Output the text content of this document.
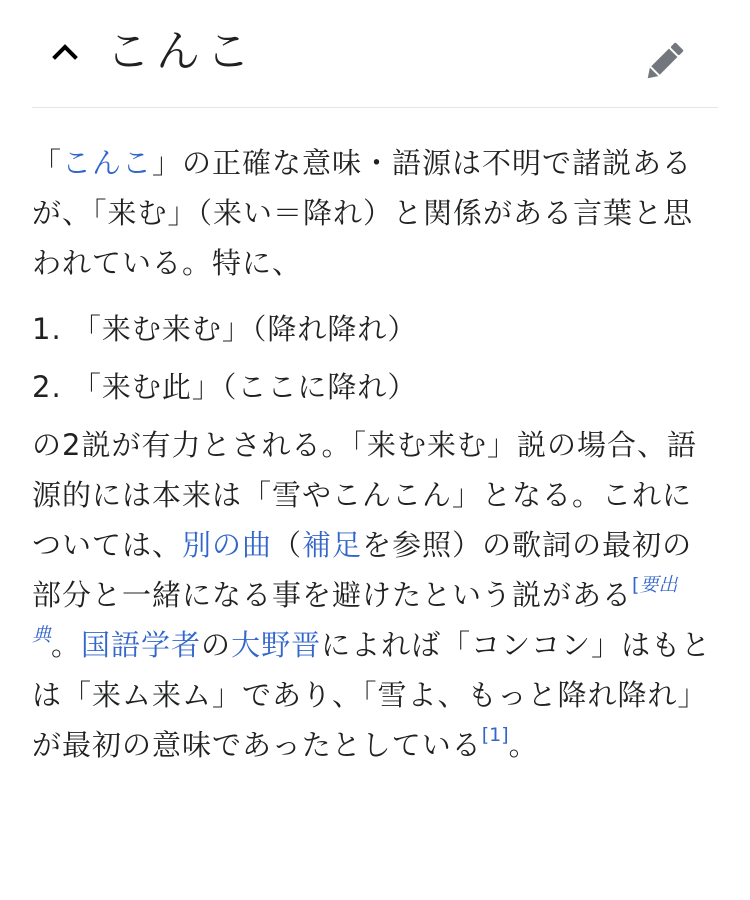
こんこ

「こんこ」の正確な意味・語源は不明で諸説あるが、「来む」（来い＝降れ）と関係がある言葉と思われている。特に、

1. 「来む来む」（降れ降れ）
2. 「来む此」（ここに降れ）

の2説が有力とされる。「来む来む」説の場合、語源的には本来は「雪やこんこん」となる。これについては、別の曲（補足を参照）の歌詞の最初の部分と一緒になる事を避けたという説がある$^{[要出典}$。国語学者の大野晋によれば「コンコン」はもとは「来ム来ム」であり、「雪よ、もっと降れ降れ」が最初の意味であったとしている[1]。
